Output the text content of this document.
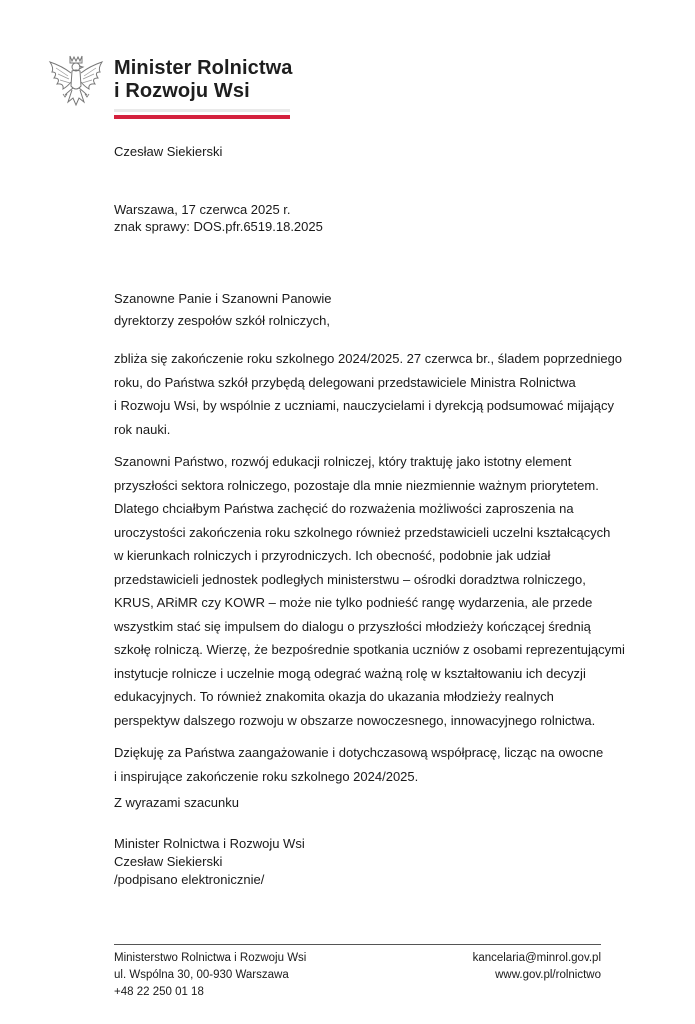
Minister Rolnictwa
i Rozwoju Wsi
Czesław Siekierski
Warszawa, 17 czerwca 2025 r.
znak sprawy: DOS.pfr.6519.18.2025
Szanowne Panie i Szanowni Panowie
dyrektorzy zespołów szkół rolniczych,
zbliża się zakończenie roku szkolnego 2024/2025. 27 czerwca br., śladem poprzedniego
roku, do Państwa szkół przybędą delegowani przedstawiciele Ministra Rolnictwa
i Rozwoju Wsi, by wspólnie z uczniami, nauczycielami i dyrekcją podsumować mijający
rok nauki.
Szanowni Państwo, rozwój edukacji rolniczej, który traktuję jako istotny element
przyszłości sektora rolniczego, pozostaje dla mnie niezmiennie ważnym priorytetem.
Dlatego chciałbym Państwa zachęcić do rozważenia możliwości zaproszenia na
uroczystości zakończenia roku szkolnego również przedstawicieli uczelni kształcących
w kierunkach rolniczych i przyrodniczych. Ich obecność, podobnie jak udział
przedstawicieli jednostek podległych ministerstwu – ośrodki doradztwa rolniczego,
KRUS, ARiMR czy KOWR – może nie tylko podnieść rangę wydarzenia, ale przede
wszystkim stać się impulsem do dialogu o przyszłości młodzieży kończącej średnią
szkołę rolniczą. Wierzę, że bezpośrednie spotkania uczniów z osobami reprezentującymi
instytucje rolnicze i uczelnie mogą odegrać ważną rolę w kształtowaniu ich decyzji
edukacyjnych. To również znakomita okazja do ukazania młodzieży realnych
perspektyw dalszego rozwoju w obszarze nowoczesnego, innowacyjnego rolnictwa.
Dziękuję za Państwa zaangażowanie i dotychczasową współpracę, licząc na owocne
i inspirujące zakończenie roku szkolnego 2024/2025.
Z wyrazami szacunku
Minister Rolnictwa i Rozwoju Wsi
Czesław Siekierski
/podpisano elektronicznie/
Ministerstwo Rolnictwa i Rozwoju Wsi
ul. Wspólna 30, 00-930 Warszawa
+48 22 250 01 18
kancelaria@minrol.gov.pl
www.gov.pl/rolnictwo
